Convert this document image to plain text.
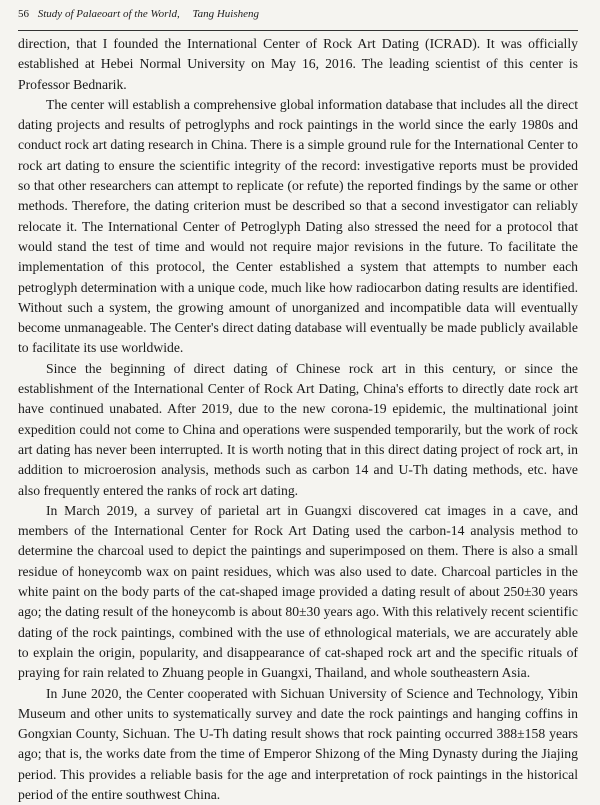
56 Study of Palaeoart of the World, Tang Huisheng

direction, that I founded the International Center of Rock Art Dating (ICRAD). It was officially established at Hebei Normal University on May 16, 2016. The leading scientist of this center is Professor Bednarik.

The center will establish a comprehensive global information database that includes all the direct dating projects and results of petroglyphs and rock paintings in the world since the early 1980s and conduct rock art dating research in China. There is a simple ground rule for the International Center to rock art dating to ensure the scientific integrity of the record: investigative reports must be provided so that other researchers can attempt to replicate (or refute) the reported findings by the same or other methods. Therefore, the dating criterion must be described so that a second investigator can reliably relocate it. The International Center of Petroglyph Dating also stressed the need for a protocol that would stand the test of time and would not require major revisions in the future. To facilitate the implementation of this protocol, the Center established a system that attempts to number each petroglyph determination with a unique code, much like how radiocarbon dating results are identified. Without such a system, the growing amount of unorganized and incompatible data will eventually become unmanageable. The Center's direct dating database will eventually be made publicly available to facilitate its use worldwide.

Since the beginning of direct dating of Chinese rock art in this century, or since the establishment of the International Center of Rock Art Dating, China's efforts to directly date rock art have continued unabated. After 2019, due to the new corona-19 epidemic, the multinational joint expedition could not come to China and operations were suspended temporarily, but the work of rock art dating has never been interrupted. It is worth noting that in this direct dating project of rock art, in addition to microerosion analysis, methods such as carbon 14 and U-Th dating methods, etc. have also frequently entered the ranks of rock art dating.

In March 2019, a survey of parietal art in Guangxi discovered cat images in a cave, and members of the International Center for Rock Art Dating used the carbon-14 analysis method to determine the charcoal used to depict the paintings and superimposed on them. There is also a small residue of honeycomb wax on paint residues, which was also used to date. Charcoal particles in the white paint on the body parts of the cat-shaped image provided a dating result of about 250±30 years ago; the dating result of the honeycomb is about 80±30 years ago. With this relatively recent scientific dating of the rock paintings, combined with the use of ethnological materials, we are accurately able to explain the origin, popularity, and disappearance of cat-shaped rock art and the specific rituals of praying for rain related to Zhuang people in Guangxi, Thailand, and whole southeastern Asia.

In June 2020, the Center cooperated with Sichuan University of Science and Technology, Yibin Museum and other units to systematically survey and date the rock paintings and hanging coffins in Gongxian County, Sichuan. The U-Th dating result shows that rock painting occurred 388±158 years ago; that is, the works date from the time of Emperor Shizong of the Ming Dynasty during the Jiajing period. This provides a reliable basis for the age and interpretation of rock paintings in the historical period of the entire southwest China.
